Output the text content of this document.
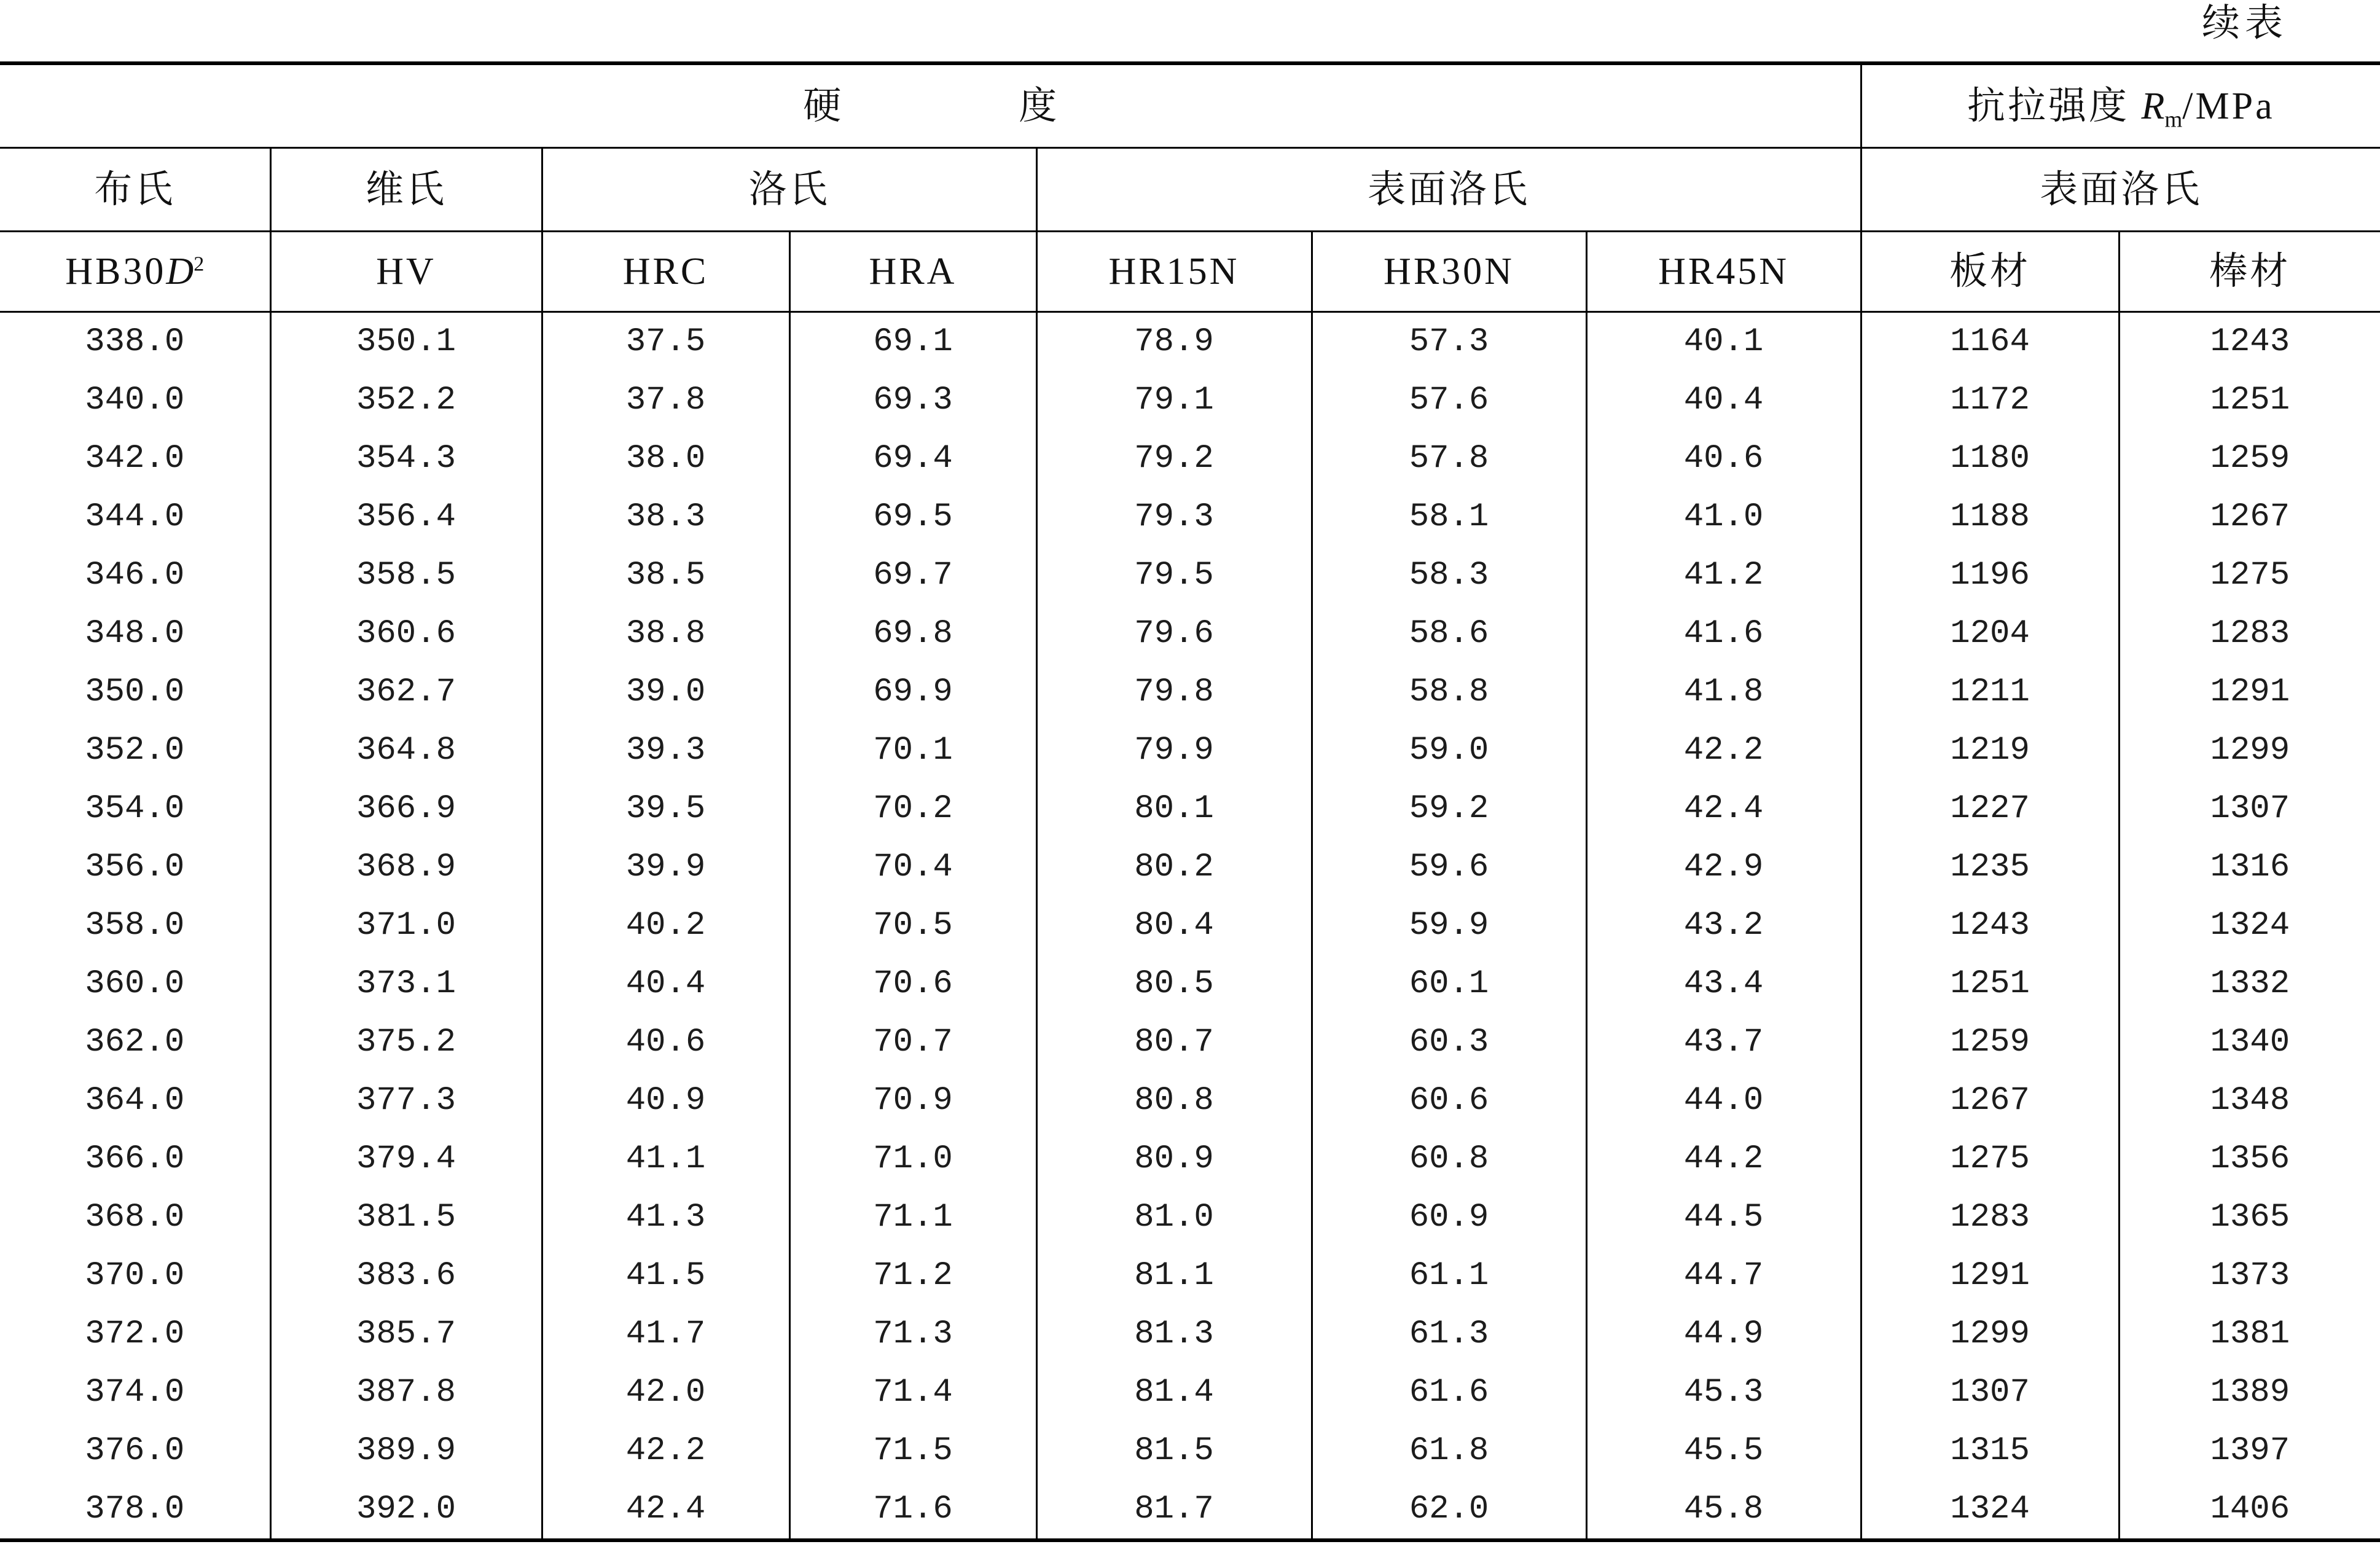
续表
硬度							抗拉强度 $R_m$/MPa	
布氏	维氏	洛氏		表面洛氏			表面洛氏	
$HB30D^2$	HV	HRC	HRA	HR15N	HR30N	HR45N	板材	棒材
338.0	350.1	37.5	69.1	78.9	57.3	40.1	1164	1243
340.0	352.2	37.8	69.3	79.1	57.6	40.4	1172	1251
342.0	354.3	38.0	69.4	79.2	57.8	40.6	1180	1259
344.0	356.4	38.3	69.5	79.3	58.1	41.0	1188	1267
346.0	358.5	38.5	69.7	79.5	58.3	41.2	1196	1275
348.0	360.6	38.8	69.8	79.6	58.6	41.6	1204	1283
350.0	362.7	39.0	69.9	79.8	58.8	41.8	1211	1291
352.0	364.8	39.3	70.1	79.9	59.0	42.2	1219	1299
354.0	366.9	39.5	70.2	80.1	59.2	42.4	1227	1307
356.0	368.9	39.9	70.4	80.2	59.6	42.9	1235	1316
358.0	371.0	40.2	70.5	80.4	59.9	43.2	1243	1324
360.0	373.1	40.4	70.6	80.5	60.1	43.4	1251	1332
362.0	375.2	40.6	70.7	80.7	60.3	43.7	1259	1340
364.0	377.3	40.9	70.9	80.8	60.6	44.0	1267	1348
366.0	379.4	41.1	71.0	80.9	60.8	44.2	1275	1356
368.0	381.5	41.3	71.1	81.0	60.9	44.5	1283	1365
370.0	383.6	41.5	71.2	81.1	61.1	44.7	1291	1373
372.0	385.7	41.7	71.3	81.3	61.3	44.9	1299	1381
374.0	387.8	42.0	71.4	81.4	61.6	45.3	1307	1389
376.0	389.9	42.2	71.5	81.5	61.8	45.5	1315	1397
378.0	392.0	42.4	71.6	81.7	62.0	45.8	1324	1406
